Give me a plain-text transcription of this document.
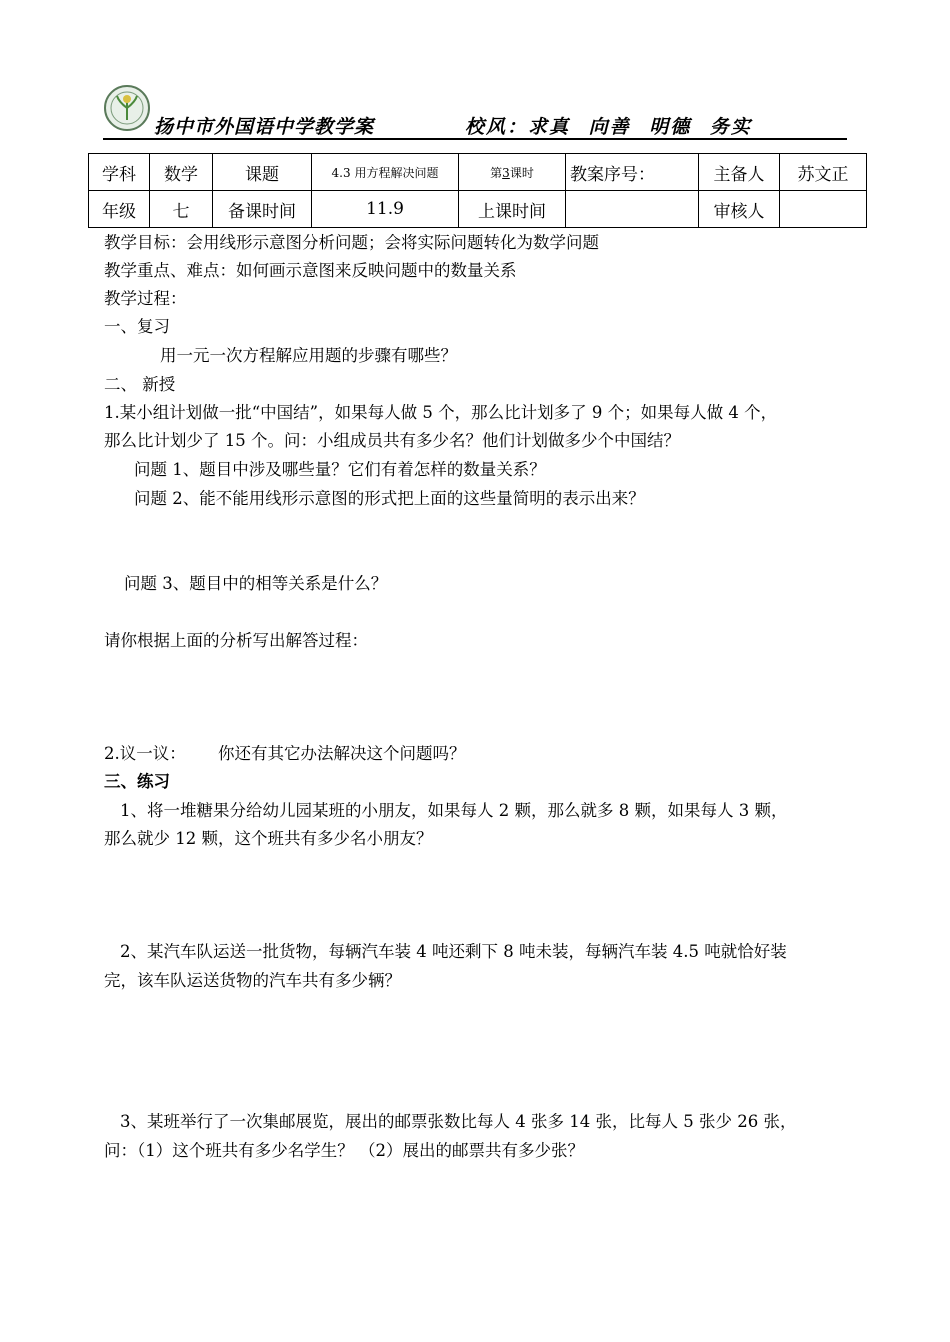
扬中市外国语中学教学案	校风：求真 向善 明德 务实
学科	数学	课题	4.3 用方程解决问题	第3课时	教案序号：	主备人	苏文正
年级	七	备课时间	11.9	上课时间		审核人	
教学目标：会用线形示意图分析问题；会将实际问题转化为数学问题
教学重点、难点：如何画示意图来反映问题中的数量关系
教学过程：
一、复习
用一元一次方程解应用题的步骤有哪些？
二、 新授
1.某小组计划做一批“中国结”，如果每人做 5 个，那么比计划多了 9 个；如果每人做 4 个，
那么比计划少了 15 个。问：小组成员共有多少名？他们计划做多少个中国结？
问题 1、题目中涉及哪些量？它们有着怎样的数量关系？
问题 2、能不能用线形示意图的形式把上面的这些量简明的表示出来？
问题 3、题目中的相等关系是什么？
请你根据上面的分析写出解答过程：
2.议一议： 你还有其它办法解决这个问题吗？
三、练习
1、将一堆糖果分给幼儿园某班的小朋友，如果每人 2 颗，那么就多 8 颗，如果每人 3 颗，
那么就少 12 颗，这个班共有多少名小朋友？
2、某汽车队运送一批货物，每辆汽车装 4 吨还剩下 8 吨未装，每辆汽车装 4.5 吨就恰好装
完，该车队运送货物的汽车共有多少辆？
3、某班举行了一次集邮展览，展出的邮票张数比每人 4 张多 14 张，比每人 5 张少 26 张，
问：（1）这个班共有多少名学生？ （2）展出的邮票共有多少张？
